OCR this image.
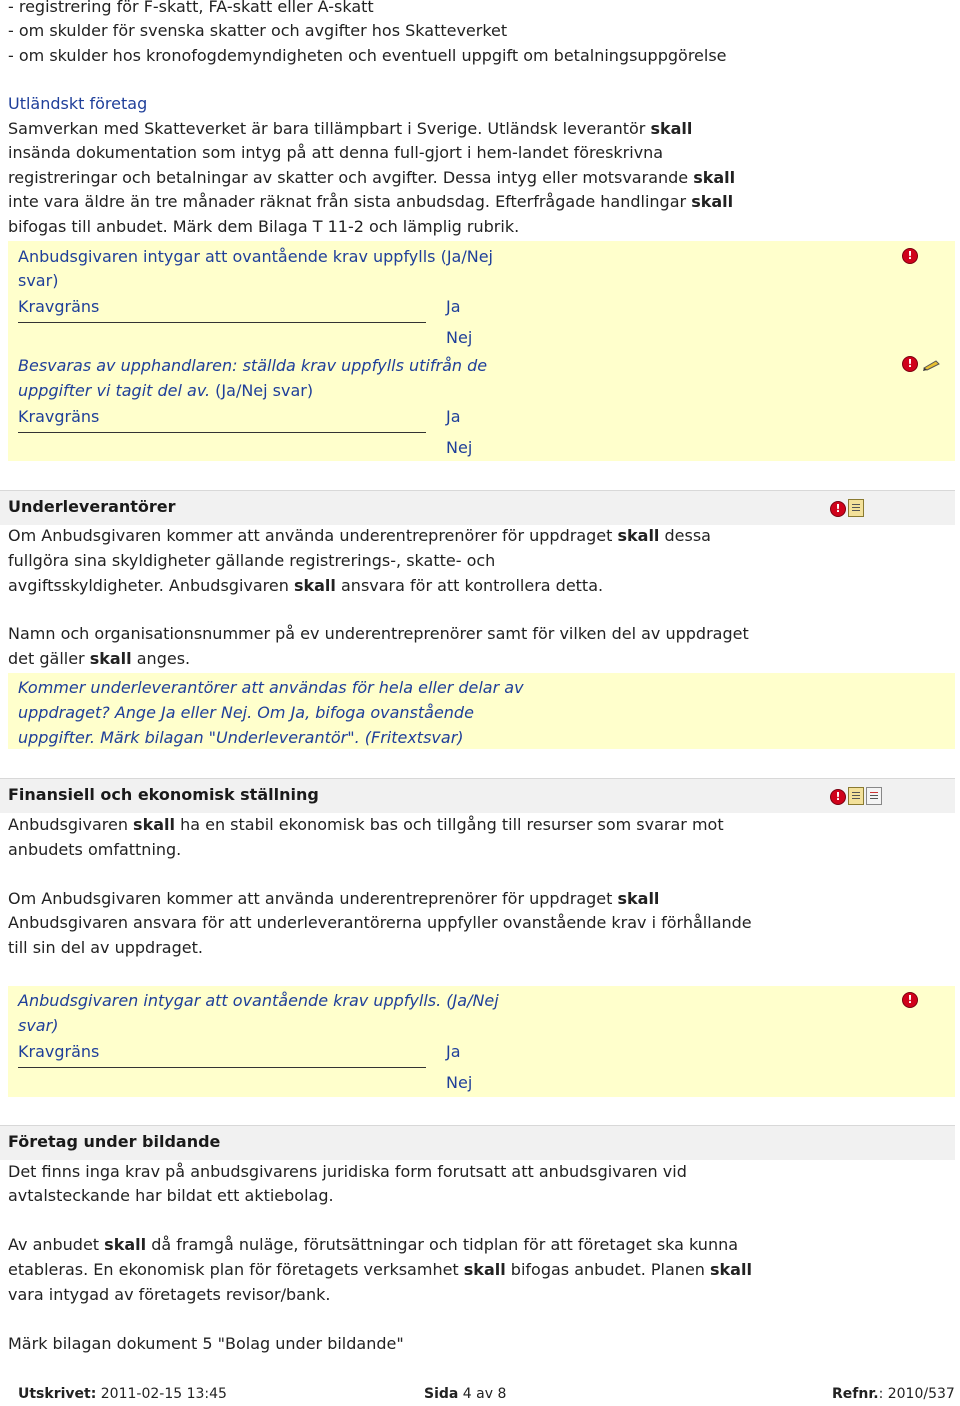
- registrering för F-skatt, FA-skatt eller A-skatt
- om skulder för svenska skatter och avgifter hos Skatteverket
- om skulder hos kronofogdemyndigheten och eventuell uppgift om betalningsuppgörelse
Utländskt företag
Samverkan med Skatteverket är bara tillämpbart i Sverige. Utländsk leverantör skall
insända dokumentation som intyg på att denna full-gjort i hem-landet föreskrivna
registreringar och betalningar av skatter och avgifter. Dessa intyg eller motsvarande skall
inte vara äldre än tre månader räknat från sista anbudsdag. Efterfrågade handlingar skall
bifogas till anbudet. Märk dem Bilaga T 11-2 och lämplig rubrik.
Anbudsgivaren intygar att ovantående krav uppfylls (Ja/Nej
svar)
Kravgräns	Ja
Nej
Besvaras av upphandlaren: ställda krav uppfylls utifrån de
uppgifter vi tagit del av. (Ja/Nej svar)
Kravgräns	Ja
Nej
!
!
Underleverantörer	!
Om Anbudsgivaren kommer att använda underentreprenörer för uppdraget skall dessa
fullgöra sina skyldigheter gällande registrerings-, skatte- och
avgiftsskyldigheter. Anbudsgivaren skall ansvara för att kontrollera detta.
Namn och organisationsnummer på ev underentreprenörer samt för vilken del av uppdraget
det gäller skall anges.
Kommer underleverantörer att användas för hela eller delar av
uppdraget? Ange Ja eller Nej. Om Ja, bifoga ovanstående
uppgifter. Märk bilagan "Underleverantör". (Fritextsvar)
Finansiell och ekonomisk ställning	!
Anbudsgivaren skall ha en stabil ekonomisk bas och tillgång till resurser som svarar mot
anbudets omfattning.
Om Anbudsgivaren kommer att använda underentreprenörer för uppdraget skall
Anbudsgivaren ansvara för att underleverantörerna uppfyller ovanstående krav i förhållande
till sin del av uppdraget.
Anbudsgivaren intygar att ovantående krav uppfylls. (Ja/Nej
svar)
Kravgräns	Ja
Nej
!
Företag under bildande
Det finns inga krav på anbudsgivarens juridiska form forutsatt att anbudsgivaren vid
avtalsteckande har bildat ett aktiebolag.
Av anbudet skall då framgå nuläge, förutsättningar och tidplan för att företaget ska kunna
etableras. En ekonomisk plan för företagets verksamhet skall bifogas anbudet. Planen skall
vara intygad av företagets revisor/bank.
Märk bilagan dokument 5 "Bolag under bildande"
Utskrivet: 2011-02-15 13:45	Sida 4 av 8	Refnr.: 2010/537
